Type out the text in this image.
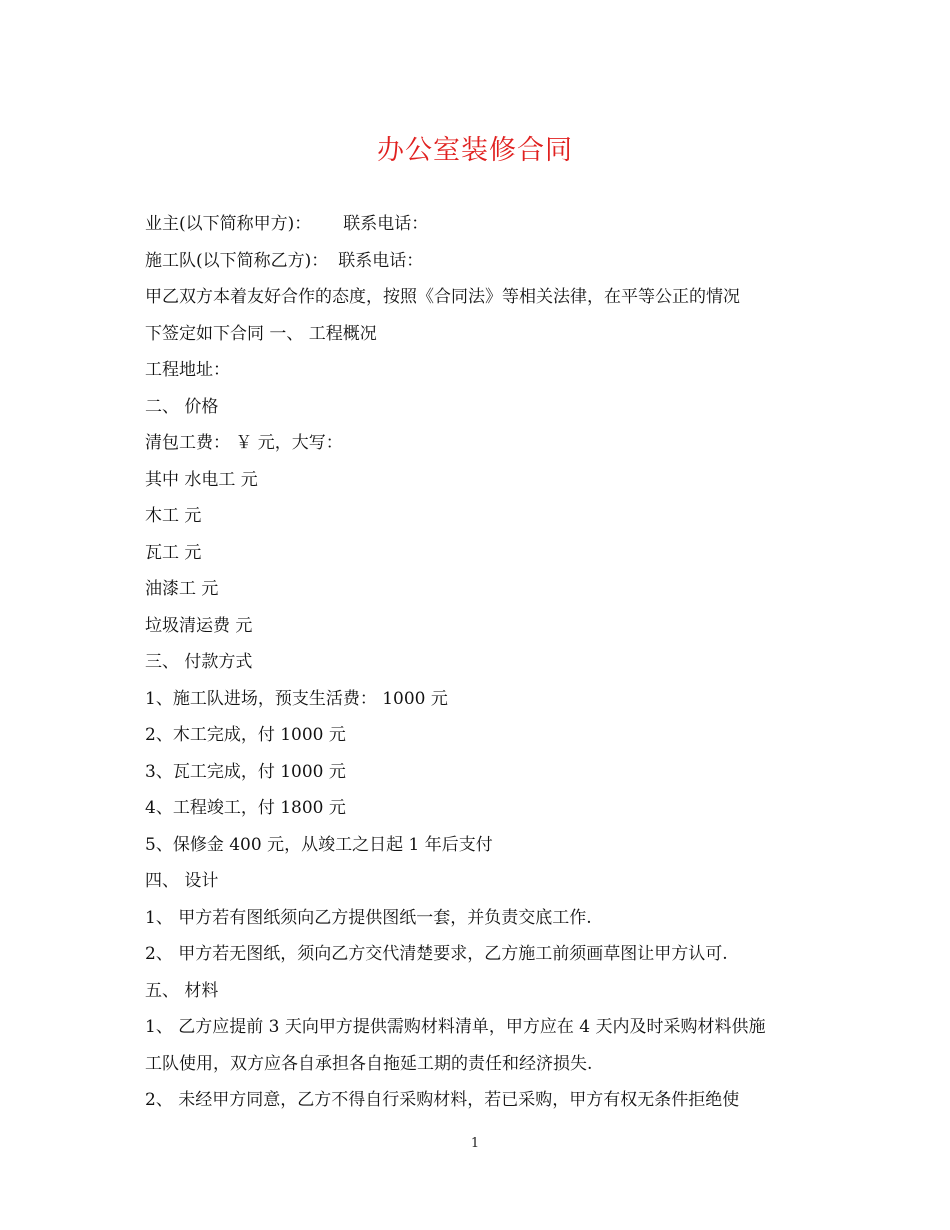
办公室装修合同
业主(以下简称甲方)： 联系电话：
施工队(以下简称乙方)： 联系电话：
甲乙双方本着友好合作的态度，按照《合同法》等相关法律，在平等公正的情况
下签定如下合同 一、 工程概况
工程地址：
二、 价格
清包工费： ￥ 元，大写：
其中 水电工 元
木工 元
瓦工 元
油漆工 元
垃圾清运费 元
三、 付款方式
1、施工队进场，预支生活费： 1000 元
2、木工完成，付 1000 元
3、瓦工完成，付 1000 元
4、工程竣工，付 1800 元
5、保修金 400 元，从竣工之日起 1 年后支付
四、 设计
1、 甲方若有图纸须向乙方提供图纸一套，并负责交底工作.
2、 甲方若无图纸，须向乙方交代清楚要求，乙方施工前须画草图让甲方认可.
五、 材料
1、 乙方应提前 3 天向甲方提供需购材料清单，甲方应在 4 天内及时采购材料供施
工队使用，双方应各自承担各自拖延工期的责任和经济损失.
2、 未经甲方同意，乙方不得自行采购材料，若已采购，甲方有权无条件拒绝使
1
